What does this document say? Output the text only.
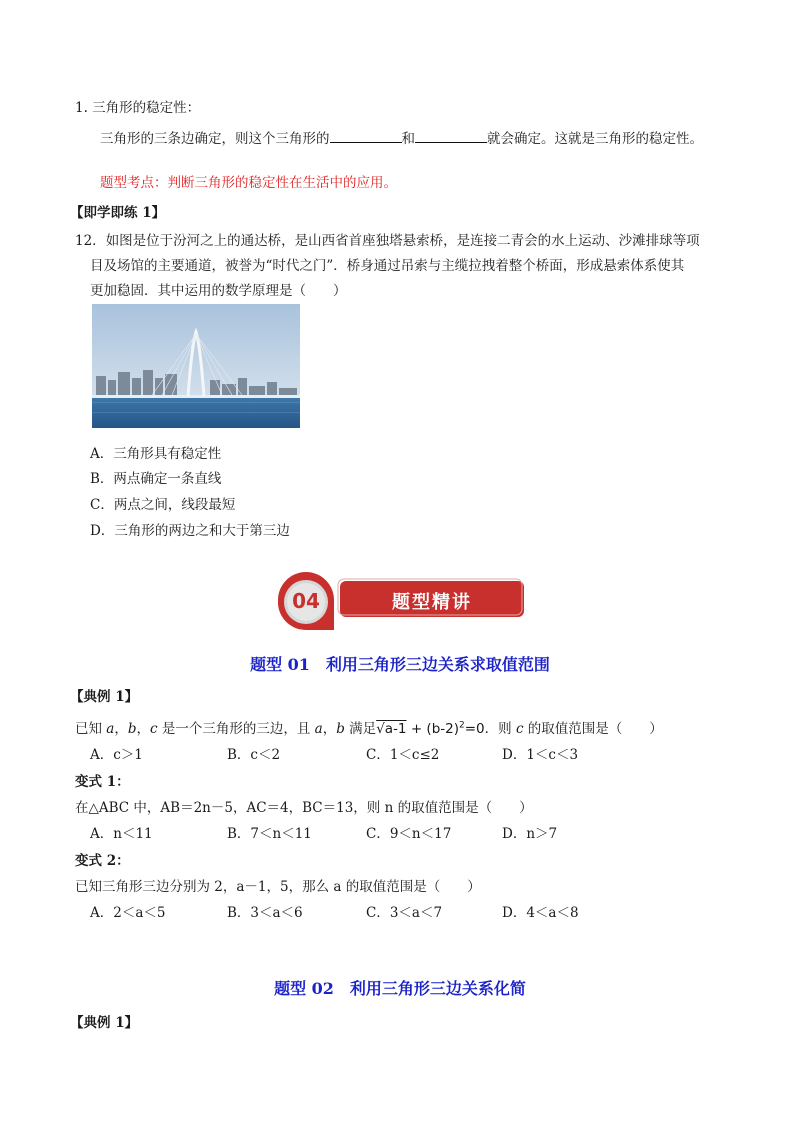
1. 三角形的稳定性：
三角形的三条边确定，则这个三角形的	和	就会确定。这就是三角形的稳定性。
题型考点：判断三角形的稳定性在生活中的应用。
【即学即练 1】
12．如图是位于汾河之上的通达桥，是山西省首座独塔悬索桥，是连接二青会的水上运动、沙滩排球等项
目及场馆的主要通道，被誉为“时代之门”．桥身通过吊索与主缆拉拽着整个桥面，形成悬索体系使其
更加稳固．其中运用的数学原理是（　　）
A．三角形具有稳定性
B．两点确定一条直线
C．两点之间，线段最短
D．三角形的两边之和大于第三边
04	题型精讲
题型 01　利用三角形三边关系求取值范围
【典例 1】
已知 a，b，c 是一个三角形的三边，且 a，b 满足$√a-1 + (b-2)^2=0$．则 c 的取值范围是（　　）
A．c＞1	B．c＜2	C．1＜c≤2	D．1＜c＜3
变式 1：
在△ABC 中，AB＝2n－5，AC＝4，BC＝13，则 n 的取值范围是（　　）
A．n＜11	B．7＜n＜11	C．9＜n＜17	D．n＞7
变式 2：
已知三角形三边分别为 2，a－1，5，那么 a 的取值范围是（　　）
A．2＜a＜5	B．3＜a＜6	C．3＜a＜7	D．4＜a＜8
题型 02　利用三角形三边关系化简
【典例 1】
